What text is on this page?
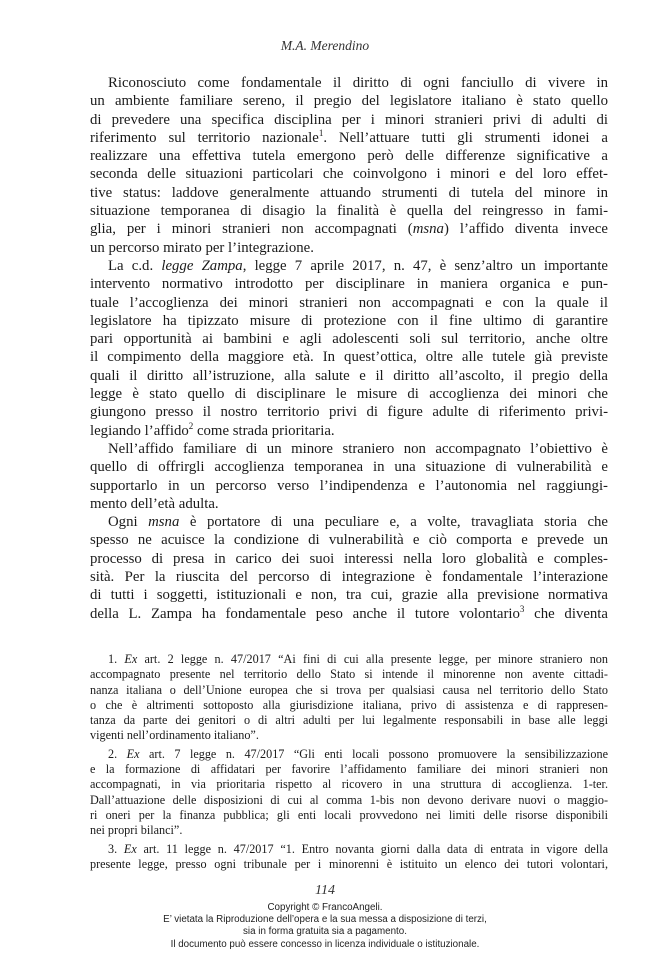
M.A. Merendino
Riconosciuto come fondamentale il diritto di ogni fanciullo di vivere in
un ambiente familiare sereno, il pregio del legislatore italiano è stato quello
di prevedere una specifica disciplina per i minori stranieri privi di adulti di
riferimento sul territorio nazionale$^1$. Nell’attuare tutti gli strumenti idonei a
realizzare una effettiva tutela emergono però delle differenze significative a
seconda delle situazioni particolari che coinvolgono i minori e del loro effet-
tive status: laddove generalmente attuando strumenti di tutela del minore in
situazione temporanea di disagio la finalità è quella del reingresso in fami-
glia, per i minori stranieri non accompagnati (msna) l’affido diventa invece
un percorso mirato per l’integrazione.
La c.d. legge Zampa, legge 7 aprile 2017, n. 47, è senz’altro un importante
intervento normativo introdotto per disciplinare in maniera organica e pun-
tuale l’accoglienza dei minori stranieri non accompagnati e con la quale il
legislatore ha tipizzato misure di protezione con il fine ultimo di garantire
pari opportunità ai bambini e agli adolescenti soli sul territorio, anche oltre
il compimento della maggiore età. In quest’ottica, oltre alle tutele già previste
quali il diritto all’istruzione, alla salute e il diritto all’ascolto, il pregio della
legge è stato quello di disciplinare le misure di accoglienza dei minori che
giungono presso il nostro territorio privi di figure adulte di riferimento privi-
legiando l’affido$^2$ come strada prioritaria.
Nell’affido familiare di un minore straniero non accompagnato l’obiettivo è
quello di offrirgli accoglienza temporanea in una situazione di vulnerabilità e
supportarlo in un percorso verso l’indipendenza e l’autonomia nel raggiungi-
mento dell’età adulta.
Ogni msna è portatore di una peculiare e, a volte, travagliata storia che
spesso ne acuisce la condizione di vulnerabilità e ciò comporta e prevede un
processo di presa in carico dei suoi interessi nella loro globalità e comples-
sità. Per la riuscita del percorso di integrazione è fondamentale l’interazione
di tutti i soggetti, istituzionali e non, tra cui, grazie alla previsione normativa
della L. Zampa ha fondamentale peso anche il tutore volontario$^3$ che diventa
1. Ex art. 2 legge n. 47/2017 “Ai fini di cui alla presente legge, per minore straniero non
accompagnato presente nel territorio dello Stato si intende il minorenne non avente cittadi-
nanza italiana o dell’Unione europea che si trova per qualsiasi causa nel territorio dello Stato
o che è altrimenti sottoposto alla giurisdizione italiana, privo di assistenza e di rappresen-
tanza da parte dei genitori o di altri adulti per lui legalmente responsabili in base alle leggi
vigenti nell’ordinamento italiano”.
2. Ex art. 7 legge n. 47/2017 “Gli enti locali possono promuovere la sensibilizzazione
e la formazione di affidatari per favorire l’affidamento familiare dei minori stranieri non
accompagnati, in via prioritaria rispetto al ricovero in una struttura di accoglienza. 1-ter.
Dall’attuazione delle disposizioni di cui al comma 1-bis non devono derivare nuovi o maggio-
ri oneri per la finanza pubblica; gli enti locali provvedono nei limiti delle risorse disponibili
nei propri bilanci”.
3. Ex art. 11 legge n. 47/2017 “1. Entro novanta giorni dalla data di entrata in vigore della
presente legge, presso ogni tribunale per i minorenni è istituito un elenco dei tutori volontari,
114
Copyright © FrancoAngeli.
E’ vietata la Riproduzione dell’opera e la sua messa a disposizione di terzi,
sia in forma gratuita sia a pagamento.
Il documento può essere concesso in licenza individuale o istituzionale.
